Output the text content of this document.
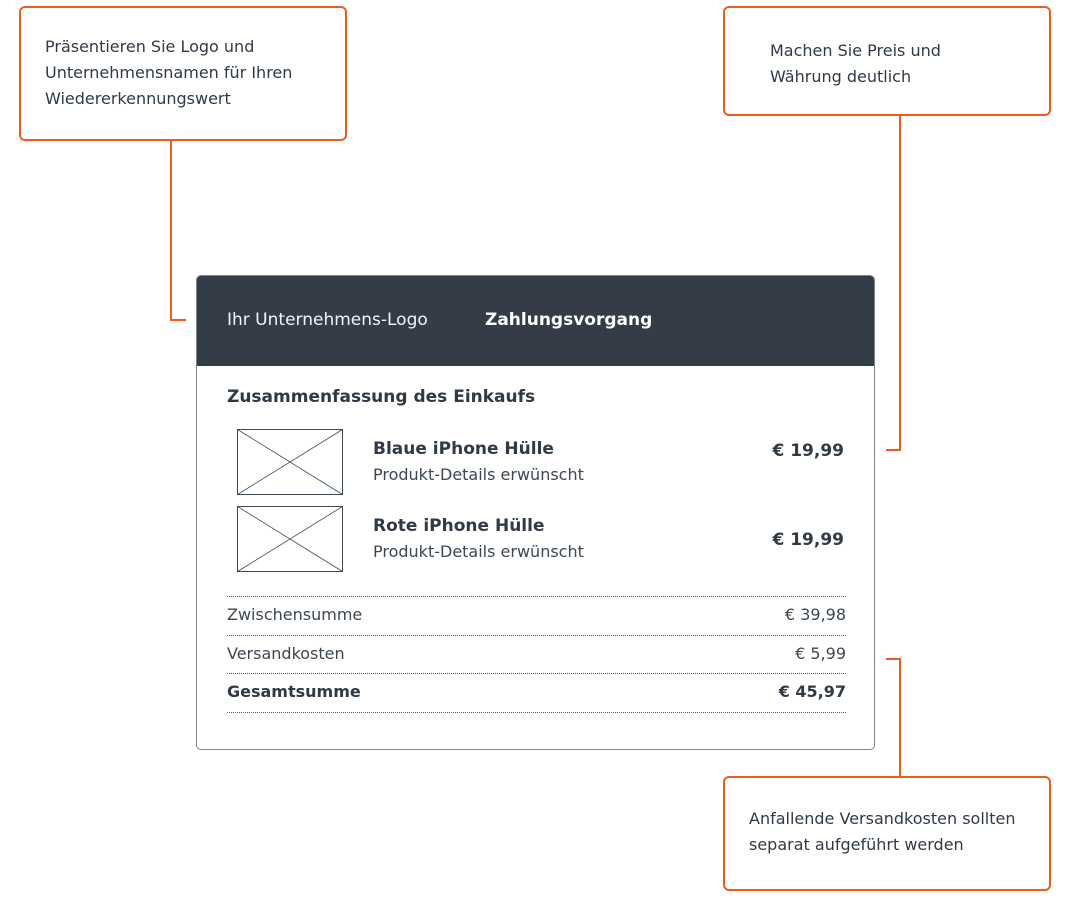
Präsentieren Sie Logo und
Unternehmensnamen für Ihren
Wiedererkennungswert
Machen Sie Preis und
Währung deutlich
Anfallende Versandkosten sollten
separat aufgeführt werden
Ihr Unternehmens-Logo	Zahlungsvorgang
Zusammenfassung des Einkaufs
Blaue iPhone Hülle
Produkt-Details erwünscht
€ 19,99
Rote iPhone Hülle
Produkt-Details erwünscht
€ 19,99
Zwischensumme	€ 39,98
Versandkosten	€ 5,99
Gesamtsumme	€ 45,97
